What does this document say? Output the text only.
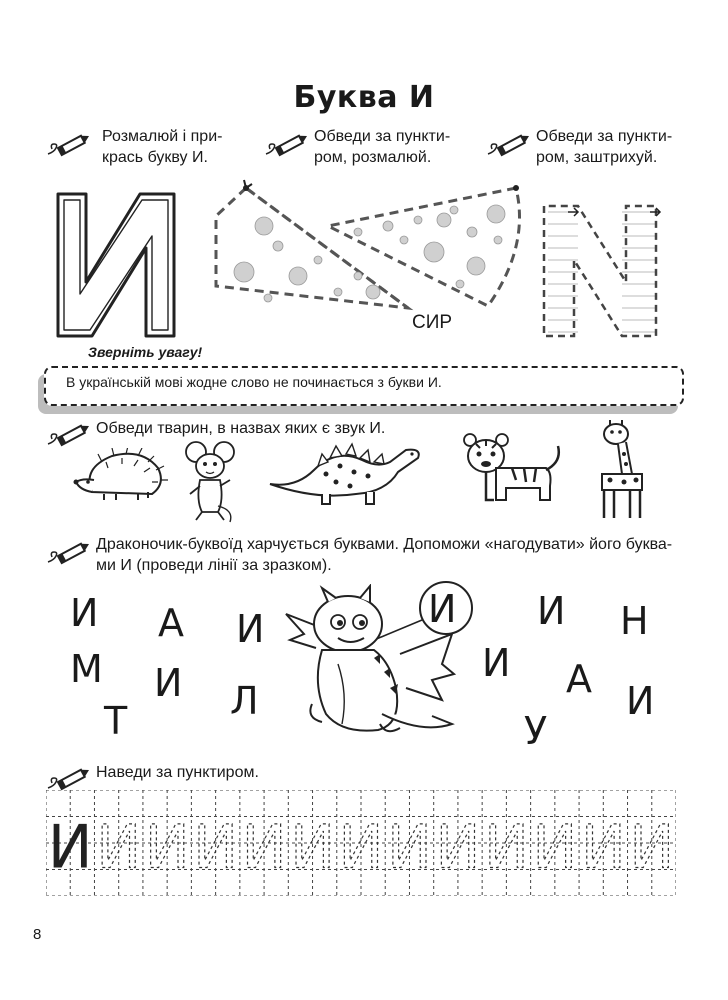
Буква И
Розмалюй і при-
крась букву И.
Обведи за пункти-
ром, розмалюй.
Обведи за пункти-
ром, заштрихуй.
СИР
Зверніть увагу!
В українській мові жодне слово не починається з букви И.
Обведи тварин, в назвах яких є звук И.
Драконочик-буквоїд харчується буквами. Допоможи «нагодувати» його буква-
ми И (проведи лінії за зразком).
И А И	И И Н
М И Л
И А И
Т	У
Наведи за пунктиром.
И И И И И И И И И И И И И
8
